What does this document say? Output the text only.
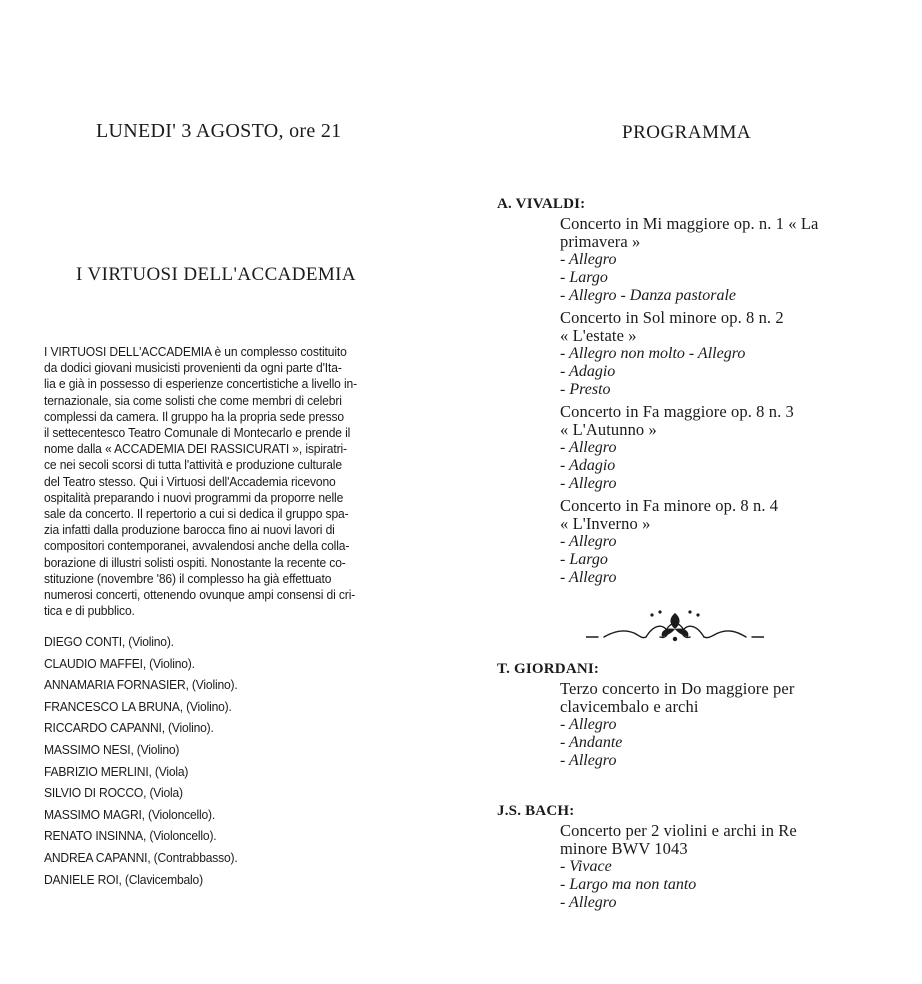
LUNEDI' 3 AGOSTO, ore 21
I VIRTUOSI DELL'ACCADEMIA
I VIRTUOSI DELL'ACCADEMIA è un complesso costituito
da dodici giovani musicisti provenienti da ogni parte d'Ita-
lia e già in possesso di esperienze concertistiche a livello in-
ternazionale, sia come solisti che come membri di celebri
complessi da camera. Il gruppo ha la propria sede presso
il settecentesco Teatro Comunale di Montecarlo e prende il
nome dalla « ACCADEMIA DEI RASSICURATI », ispiratri-
ce nei secoli scorsi di tutta l'attività e produzione culturale
del Teatro stesso. Qui i Virtuosi dell'Accademia ricevono
ospitalità preparando i nuovi programmi da proporre nelle
sale da concerto. Il repertorio a cui si dedica il gruppo spa-
zia infatti dalla produzione barocca fino ai nuovi lavori di
compositori contemporanei, avvalendosi anche della colla-
borazione di illustri solisti ospiti. Nonostante la recente co-
stituzione (novembre '86) il complesso ha già effettuato
numerosi concerti, ottenendo ovunque ampi consensi di cri-
tica e di pubblico.
DIEGO CONTI, (Violino).
CLAUDIO MAFFEI, (Violino).
ANNAMARIA FORNASIER, (Violino).
FRANCESCO LA BRUNA, (Violino).
RICCARDO CAPANNI, (Violino).
MASSIMO NESI, (Violino)
FABRIZIO MERLINI, (Viola)
SILVIO DI ROCCO, (Viola)
MASSIMO MAGRI, (Violoncello).
RENATO INSINNA, (Violoncello).
ANDREA CAPANNI, (Contrabbasso).
DANIELE ROI, (Clavicembalo)
PROGRAMMA
A. VIVALDI:
Concerto in Mi maggiore op. n. 1 « La
primavera »
- Allegro
- Largo
- Allegro - Danza pastorale
Concerto in Sol minore op. 8 n. 2
« L'estate »
- Allegro non molto - Allegro
- Adagio
- Presto
Concerto in Fa maggiore op. 8 n. 3
« L'Autunno »
- Allegro
- Adagio
- Allegro
Concerto in Fa minore op. 8 n. 4
« L'Inverno »
- Allegro
- Largo
- Allegro
T. GIORDANI:
Terzo concerto in Do maggiore per
clavicembalo e archi
- Allegro
- Andante
- Allegro
J.S. BACH:
Concerto per 2 violini e archi in Re
minore BWV 1043
- Vivace
- Largo ma non tanto
- Allegro
